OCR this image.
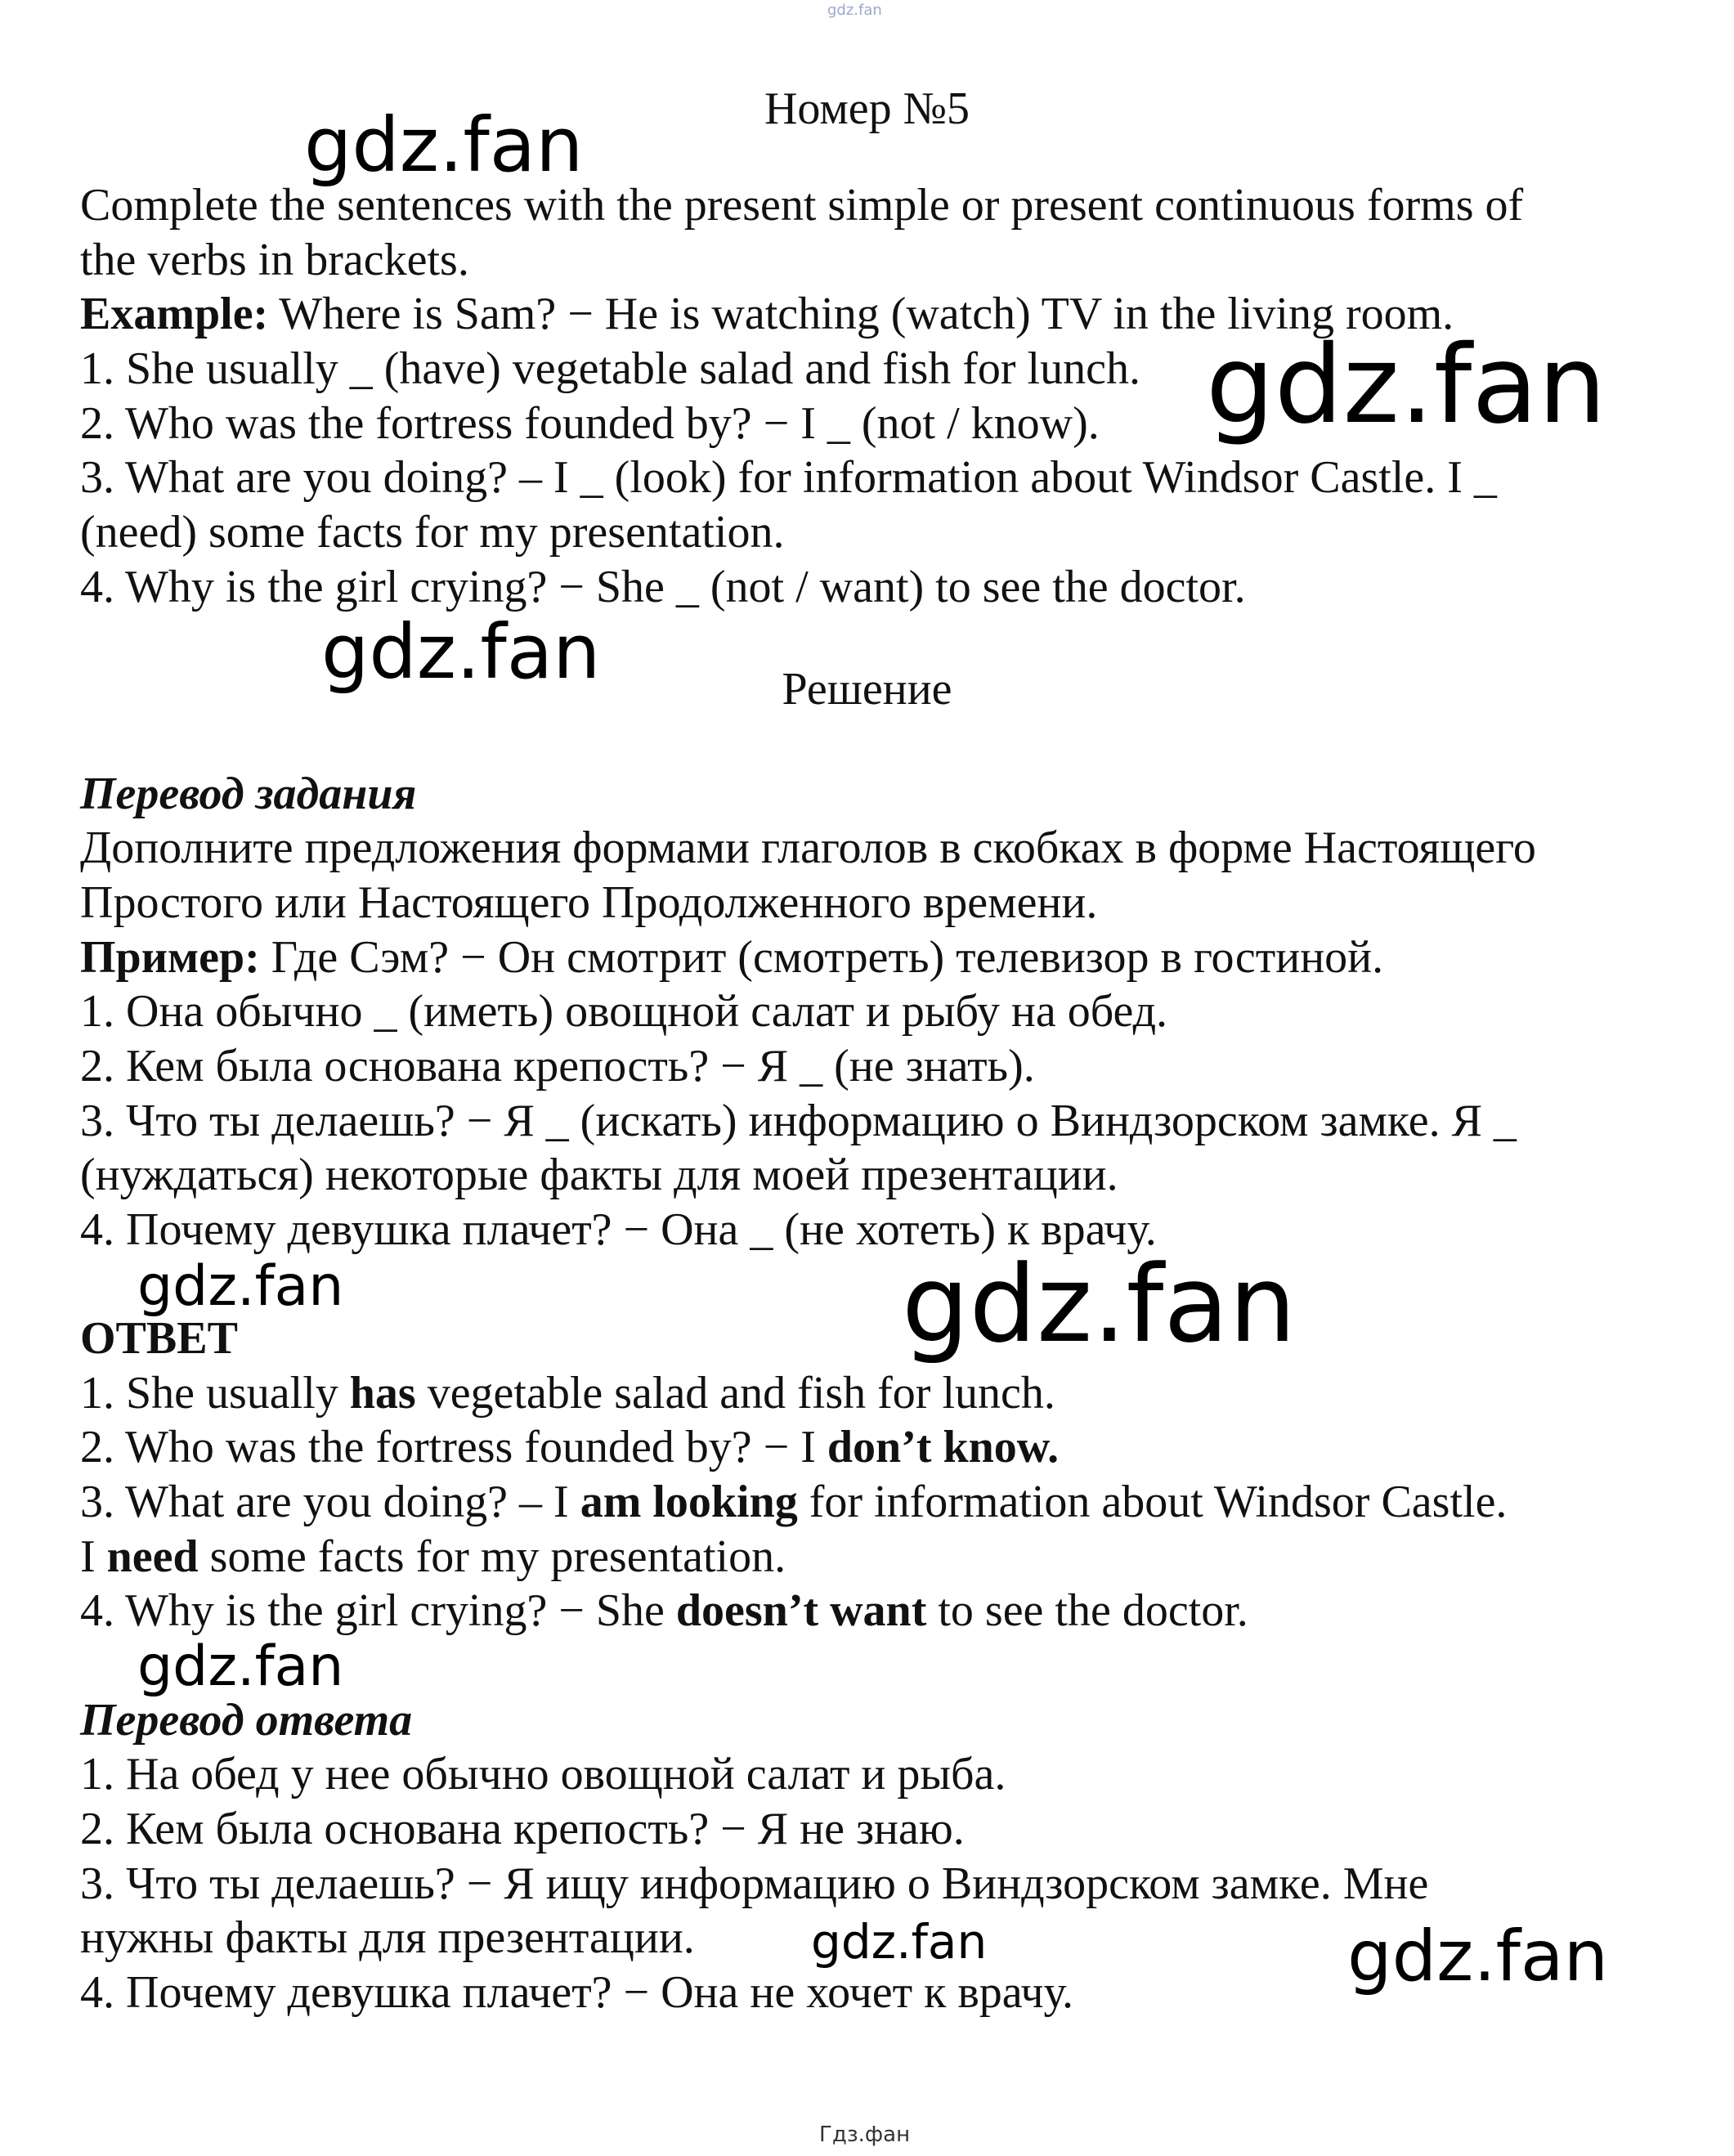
gdz.fan
gdz.fan
gdz.fan
gdz.fan
gdz.fan	gdz.fan
gdz.fan
gdz.fan	gdz.fan
Гдз.фан
Номер №5
Complete the sentences with the present simple or present continuous forms of
the verbs in brackets.
Example: Where is Sam? − He is watching (watch) TV in the living room.
1. She usually _ (have) vegetable salad and fish for lunch.
2. Who was the fortress founded by? − I _ (not / know).
3. What are you doing? – I _ (look) for information about Windsor Castle. I _
(need) some facts for my presentation.
4. Why is the girl crying? − She _ (not / want) to see the doctor.
Решение
Перевод задания
Дополните предложения формами глаголов в скобках в форме Настоящего
Простого или Настоящего Продолженного времени.
Пример: Где Сэм? − Он смотрит (смотреть) телевизор в гостиной.
1. Она обычно _ (иметь) овощной салат и рыбу на обед.
2. Кем была основана крепость? − Я _ (не знать).
3. Что ты делаешь? − Я _ (искать) информацию о Виндзорском замке. Я _
(нуждаться) некоторые факты для моей презентации.
4. Почему девушка плачет? − Она _ (не хотеть) к врачу.
ОТВЕТ
1. She usually has vegetable salad and fish for lunch.
2. Who was the fortress founded by? − I don’t know.
3. What are you doing? – I am looking for information about Windsor Castle.
I need some facts for my presentation.
4. Why is the girl crying? − She doesn’t want to see the doctor.
Перевод ответа
1. На обед у нее обычно овощной салат и рыба.
2. Кем была основана крепость? − Я не знаю.
3. Что ты делаешь? − Я ищу информацию о Виндзорском замке. Мне
нужны факты для презентации.
4. Почему девушка плачет? − Она не хочет к врачу.
